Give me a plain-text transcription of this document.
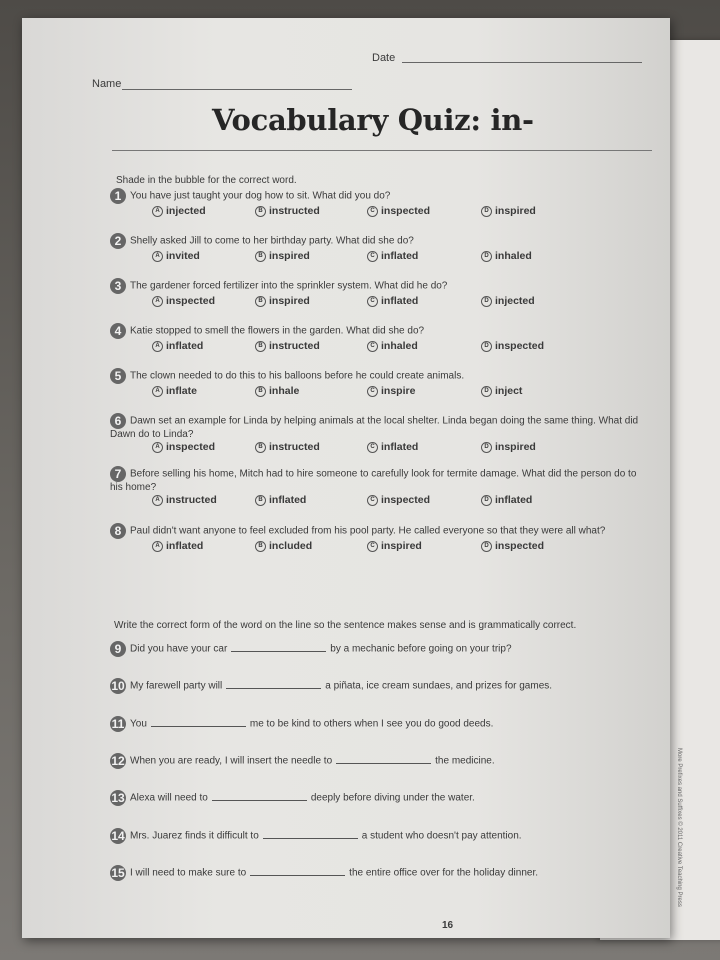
Name
Date
Vocabulary Quiz: in-
Shade in the bubble for the correct word.
1 You have just taught your dog how to sit. What did you do?
A injected	B instructed	C inspected	D inspired
2 Shelly asked Jill to come to her birthday party. What did she do?
A invited	B inspired	C inflated	D inhaled
3 The gardener forced fertilizer into the sprinkler system. What did he do?
A inspected	B inspired	C inflated	D injected
4 Katie stopped to smell the flowers in the garden. What did she do?
A inflated	B instructed	C inhaled	D inspected
5 The clown needed to do this to his balloons before he could create animals.
A inflate	B inhale	C inspire	D inject
6 Dawn set an example for Linda by helping animals at the local shelter. Linda began doing the same thing. What did Dawn do to Linda?
A inspected	B instructed	C inflated	D inspired
7 Before selling his home, Mitch had to hire someone to carefully look for termite damage. What did the person do to his home?
A instructed	B inflated	C inspected	D inflated
8 Paul didn't want anyone to feel excluded from his pool party. He called everyone so that they were all what?
A inflated	B included	C inspired	D inspected
Write the correct form of the word on the line so the sentence makes sense and is grammatically correct.
9 Did you have your car	by a mechanic before going on your trip?
10 My farewell party will	a piñata, ice cream sundaes, and prizes for games.
11 You	me to be kind to others when I see you do good deeds.
12 When you are ready, I will insert the needle to	the medicine.
13 Alexa will need to	deeply before diving under the water.
14 Mrs. Juarez finds it difficult to	a student who doesn't pay attention.
15 I will need to make sure to	the entire office over for the holiday dinner.
16
More Prefixes and Suffixes © 2011 Creative Teaching Press
